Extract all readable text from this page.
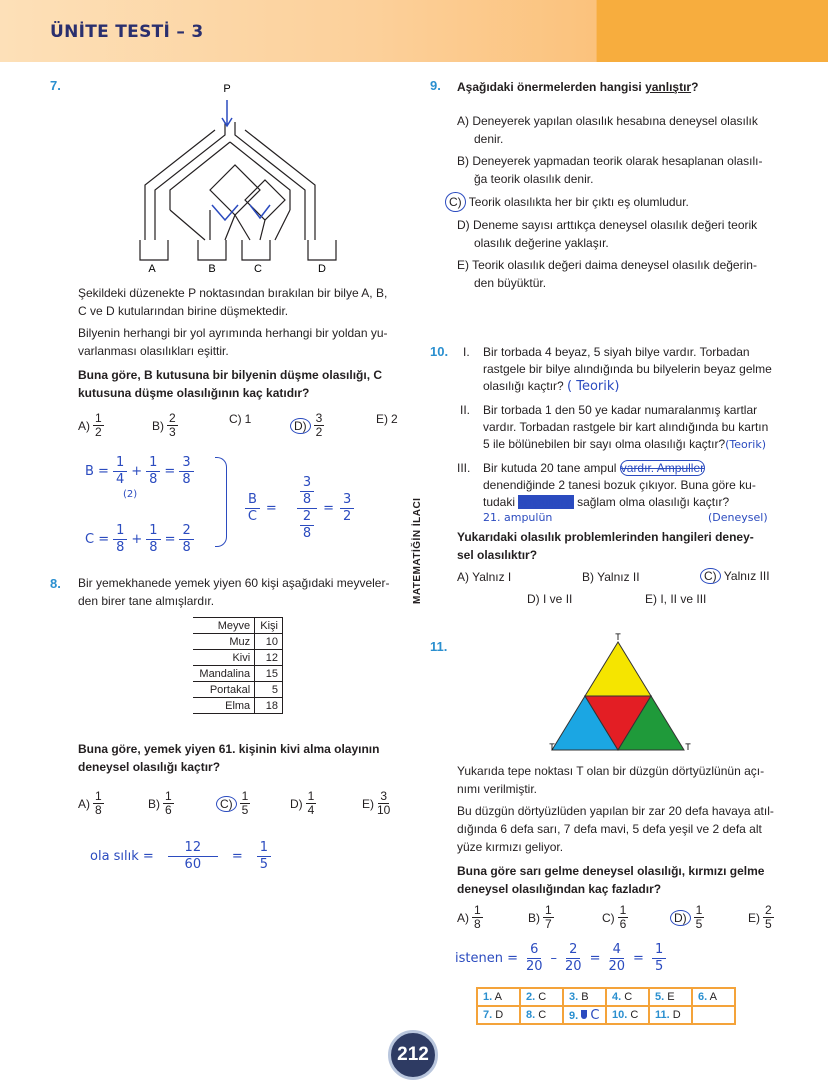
ÜNİTE TESTİ – 3
7.	P
A	B	C	D
Şekildeki düzenekte P noktasından bırakılan bir bilye A, B,
C ve D kutularından birine düşmektedir.
Bilyenin herhangi bir yol ayrımında herhangi bir yoldan yu-
varlanması olasılıkları eşittir.
Buna göre, B kutusuna bir bilyenin düşme olasılığı, C
kutusuna düşme olasılığının kaç katıdır?
$B = \frac{1}{4} + \frac{1}{8} = \frac{3}{8}$
(2)
$C = \frac{1}{8} + \frac{1}{8} = \frac{2}{8}$
$\frac{B}{C} = \frac{3}{8}$
2
$8 = \frac{3}{2}$
8. Bir yemekhanede yemek yiyen 60 kişi aşağıdaki meyveler-
den birer tane almışlardır.
Meyve	Kişi
Muz	10
Kivi	12
Mandalina	15
Portakal	5
Elma	18
Buna göre, yemek yiyen 61. kişinin kivi alma olayının
deneysel olasılığı kaçtır?
ola sılık = $\frac{12}{60} = \frac{1}{5}$
MATEMATİĞİN İLACI
9. Aşağıdaki önermelerden hangisi yanlıştır?
A) Deneyerek yapılan olasılık hesabına deneysel olasılık
denir.
B) Deneyerek yapmadan teorik olarak hesaplanan olasılı-
ğa teorik olasılık denir.
C) Teorik olasılıkta her bir çıktı eş olumludur.
D) Deneme sayısı arttıkça deneysel olasılık değeri teorik
olasılık değerine yaklaşır.
E) Teorik olasılık değeri daima deneysel olasılık değerin-
den büyüktür.
10. I.	Bir torbada 4 beyaz, 5 siyah bilye vardır. Torbadan
rastgele bir bilye alındığında bu bilyelerin beyaz gelme
olasılığı kaçtır? ( Teorik)
II.	Bir torbada 1 den 50 ye kadar numaralanmış kartlar
vardır. Torbadan rastgele bir kart alındığında bu kartın
5 ile bölünebilen bir sayı olma olasılığı kaçtır?(Teorik)
III.	Bir kutuda 20 tane ampul vardır. Ampuller
denendiğinde 2 tanesi bozuk çıkıyor. Buna göre ku-
tudaki ampullerin sağlam olma olasılığı kaçtır?
21. ampulün	(Deneysel)
Yukarıdaki olasılık problemlerinden hangileri deney-
sel olasılıktır?
A) Yalnız I	B) Yalnız II	C) Yalnız III
D) I ve II	E) I, II ve III
11.
T
T	T
Yukarıda tepe noktası T olan bir düzgün dörtyüzlünün açı-
nımı verilmiştir.
Bu düzgün dörtyüzlüden yapılan bir zar 20 defa havaya atıl-
dığında 6 defa sarı, 7 defa mavi, 5 defa yeşil ve 2 defa alt
yüze kırmızı geliyor.
Buna göre sarı gelme deneysel olasılığı, kırmızı gelme
deneysel olasılığından kaç fazladır?
istenen = $\frac{6}{20} - \frac{2}{20} = \frac{4}{20} = \frac{1}{5}$
1. A	2. C	3. B	4. C	5. E	6. A
7. D	8. C	9. C	10. C	11. D	
212
$A) \frac{1}{2}$	$B) \frac{2}{3}$	C) 1	$D) \frac{3}{2}$	E) 2
$A) \frac{1}{8}$	$B) \frac{1}{6}$	$C) \frac{1}{5}$	$D) \frac{1}{4}$	$E) \frac{3}{10}$
$A) \frac{1}{8}$	$B) \frac{1}{7}$	$C) \frac{1}{6}$	$D) \frac{1}{5}$	$E) \frac{2}{5}$
